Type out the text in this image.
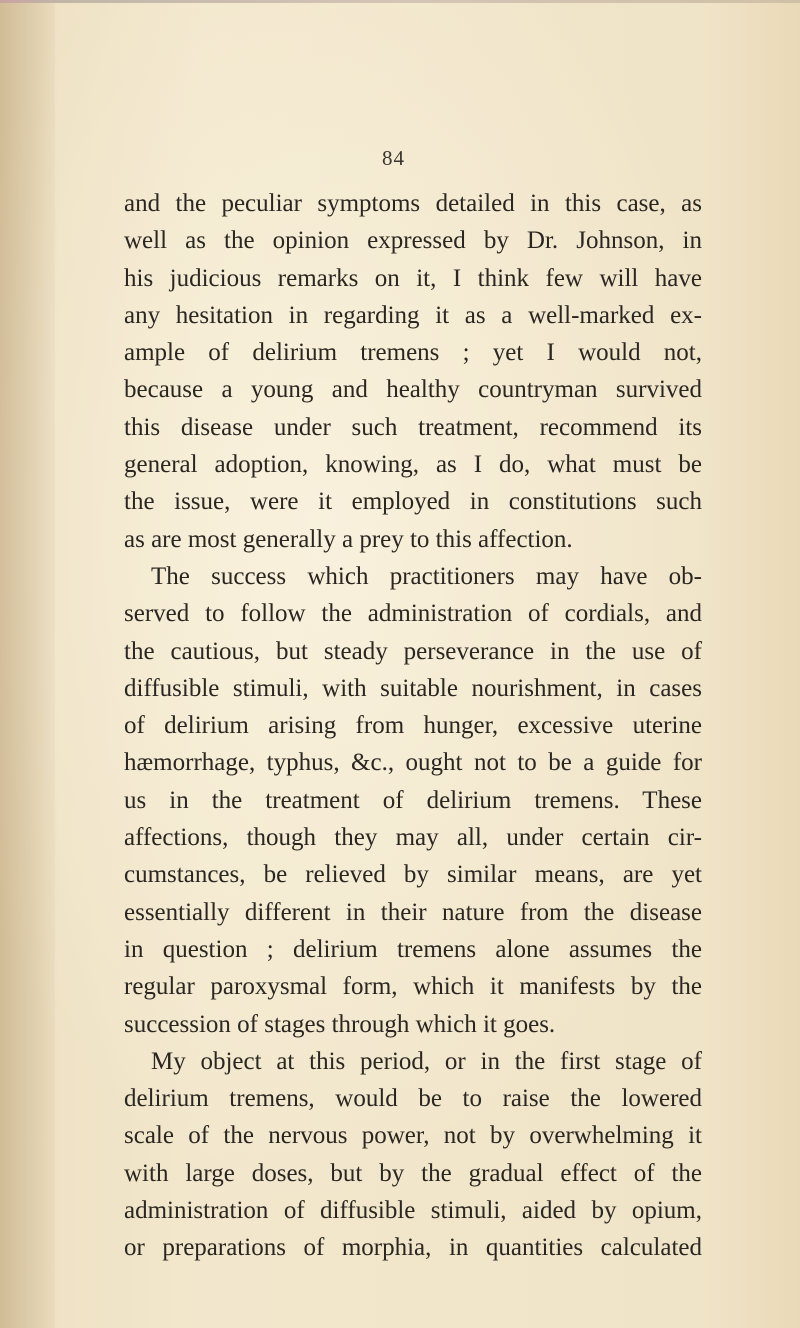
84
and the peculiar symptoms detailed in this case, as
well as the opinion expressed by Dr. Johnson, in
his judicious remarks on it, I think few will have
any hesitation in regarding it as a well-marked ex-
ample of delirium tremens ; yet I would not,
because a young and healthy countryman survived
this disease under such treatment, recommend its
general adoption, knowing, as I do, what must be
the issue, were it employed in constitutions such
as are most generally a prey to this affection.
The success which practitioners may have ob-
served to follow the administration of cordials, and
the cautious, but steady perseverance in the use of
diffusible stimuli, with suitable nourishment, in cases
of delirium arising from hunger, excessive uterine
hæmorrhage, typhus, &c., ought not to be a guide for
us in the treatment of delirium tremens. These
affections, though they may all, under certain cir-
cumstances, be relieved by similar means, are yet
essentially different in their nature from the disease
in question ; delirium tremens alone assumes the
regular paroxysmal form, which it manifests by the
succession of stages through which it goes.
My object at this period, or in the first stage of
delirium tremens, would be to raise the lowered
scale of the nervous power, not by overwhelming it
with large doses, but by the gradual effect of the
administration of diffusible stimuli, aided by opium,
or preparations of morphia, in quantities calculated
